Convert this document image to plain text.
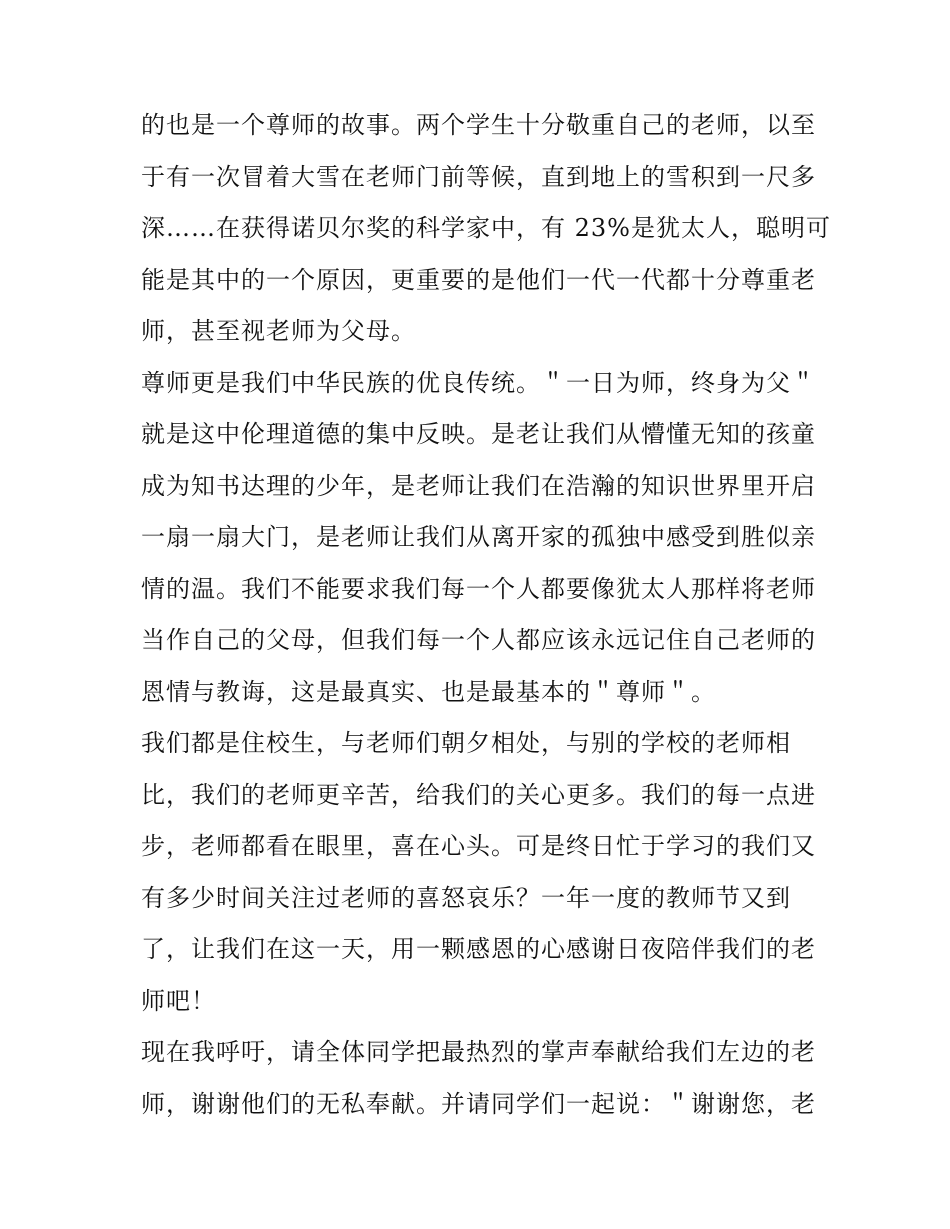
的也是一个尊师的故事。两个学生十分敬重自己的老师，以至
于有一次冒着大雪在老师门前等候，直到地上的雪积到一尺多
深……在获得诺贝尔奖的科学家中，有 23%是犹太人，聪明可
能是其中的一个原因，更重要的是他们一代一代都十分尊重老
师，甚至视老师为父母。
尊师更是我们中华民族的优良传统。＂一日为师，终身为父＂
就是这中伦理道德的集中反映。是老让我们从懵懂无知的孩童
成为知书达理的少年，是老师让我们在浩瀚的知识世界里开启
一扇一扇大门，是老师让我们从离开家的孤独中感受到胜似亲
情的温。我们不能要求我们每一个人都要像犹太人那样将老师
当作自己的父母，但我们每一个人都应该永远记住自己老师的
恩情与教诲，这是最真实、也是最基本的＂尊师＂。
我们都是住校生，与老师们朝夕相处，与别的学校的老师相
比，我们的老师更辛苦，给我们的关心更多。我们的每一点进
步，老师都看在眼里，喜在心头。可是终日忙于学习的我们又
有多少时间关注过老师的喜怒哀乐？一年一度的教师节又到
了，让我们在这一天，用一颗感恩的心感谢日夜陪伴我们的老
师吧！
现在我呼吁，请全体同学把最热烈的掌声奉献给我们左边的老
师，谢谢他们的无私奉献。并请同学们一起说：＂谢谢您，老
